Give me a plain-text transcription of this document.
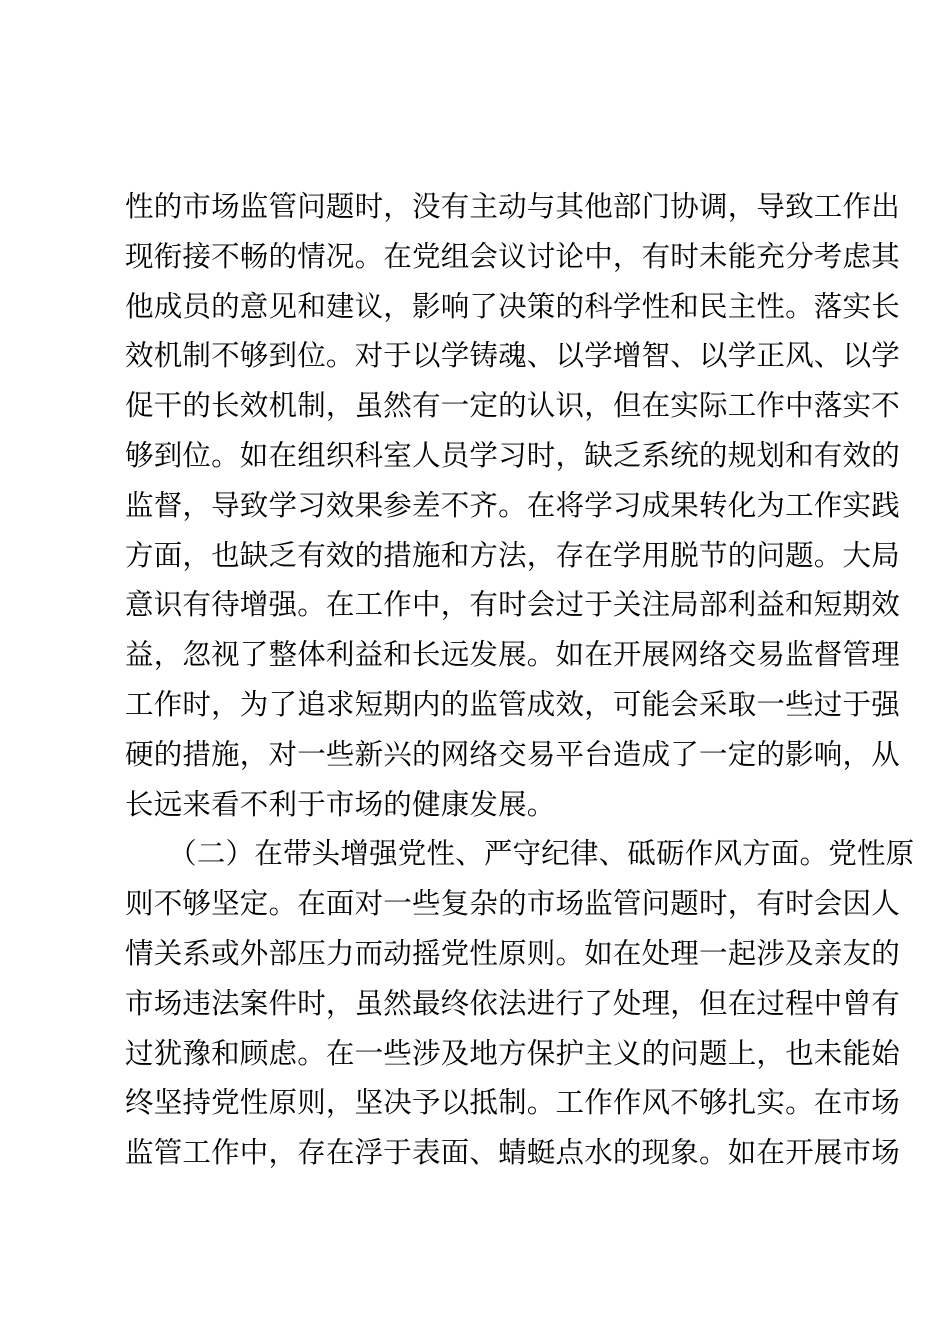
性的市场监管问题时，没有主动与其他部门协调，导致工作出
现衔接不畅的情况。在党组会议讨论中，有时未能充分考虑其
他成员的意见和建议，影响了决策的科学性和民主性。落实长
效机制不够到位。对于以学铸魂、以学增智、以学正风、以学
促干的长效机制，虽然有一定的认识，但在实际工作中落实不
够到位。如在组织科室人员学习时，缺乏系统的规划和有效的
监督，导致学习效果参差不齐。在将学习成果转化为工作实践
方面，也缺乏有效的措施和方法，存在学用脱节的问题。大局
意识有待增强。在工作中，有时会过于关注局部利益和短期效
益，忽视了整体利益和长远发展。如在开展网络交易监督管理
工作时，为了追求短期内的监管成效，可能会采取一些过于强
硬的措施，对一些新兴的网络交易平台造成了一定的影响，从
长远来看不利于市场的健康发展。
　　（二）在带头增强党性、严守纪律、砥砺作风方面。党性原
则不够坚定。在面对一些复杂的市场监管问题时，有时会因人
情关系或外部压力而动摇党性原则。如在处理一起涉及亲友的
市场违法案件时，虽然最终依法进行了处理，但在过程中曾有
过犹豫和顾虑。在一些涉及地方保护主义的问题上，也未能始
终坚持党性原则，坚决予以抵制。工作作风不够扎实。在市场
监管工作中，存在浮于表面、蜻蜓点水的现象。如在开展市场
